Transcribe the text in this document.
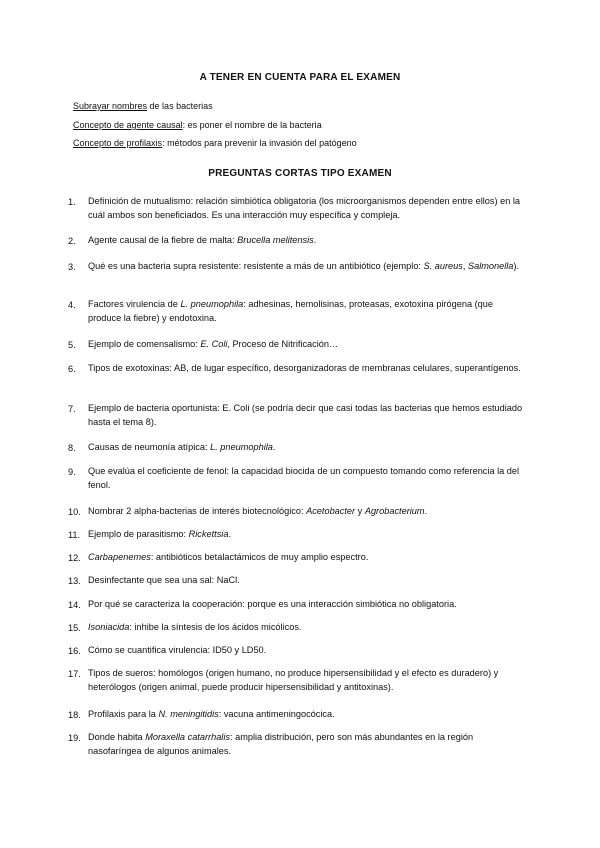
A TENER EN CUENTA PARA EL EXAMEN
Subrayar nombres de las bacterias
Concepto de agente causal: es poner el nombre de la bacteria
Concepto de profilaxis: métodos para prevenir la invasión del patógeno
PREGUNTAS CORTAS TIPO EXAMEN
1. Definición de mutualismo: relación simbiótica obligatoria (los microorganismos dependen entre ellos) en la cuál ambos son beneficiados. Es una interacción muy específica y compleja.
2. Agente causal de la fiebre de malta: Brucella melitensis.
3. Qué es una bacteria supra resistente: resistente a más de un antibiótico (ejemplo: S. aureus, Salmonella).
4. Factores virulencia de L. pneumophila: adhesinas, hemolisinas, proteasas, exotoxina pirógena (que produce la fiebre) y endotoxina.
5. Ejemplo de comensalismo: E. Coli, Proceso de Nitrificación…
6. Tipos de exotoxinas: AB, de lugar específico, desorganizadoras de membranas celulares, superantígenos.
7. Ejemplo de bacteria oportunista: E. Coli (se podría decir que casi todas las bacterias que hemos estudiado hasta el tema 8).
8. Causas de neumonía atípica: L. pneumophila.
9. Que evalúa el coeficiente de fenol: la capacidad biocida de un compuesto tomando como referencia la del fenol.
10. Nombrar 2 alpha-bacterias de interés biotecnológico: Acetobacter y Agrobacterium.
11. Ejemplo de parasitismo: Rickettsia.
12. Carbapenemes: antibióticos betalactámicos de muy amplio espectro.
13. Desinfectante que sea una sal: NaCl.
14. Por qué se caracteriza la cooperación: porque es una interacción simbiótica no obligatoria.
15. Isoniacida: inhibe la síntesis de los ácidos micólicos.
16. Cómo se cuantifica virulencia: ID50 y LD50.
17. Tipos de sueros: homólogos (origen humano, no produce hipersensibilidad y el efecto es duradero) y heterólogos (origen animal, puede producir hipersensibilidad y antitoxinas).
18. Profilaxis para la N. meningitidis: vacuna antimeningocócica.
19. Donde habita Moraxella catarrhalis: amplia distribución, pero son más abundantes en la región nasofaríngea de algunos animales.
